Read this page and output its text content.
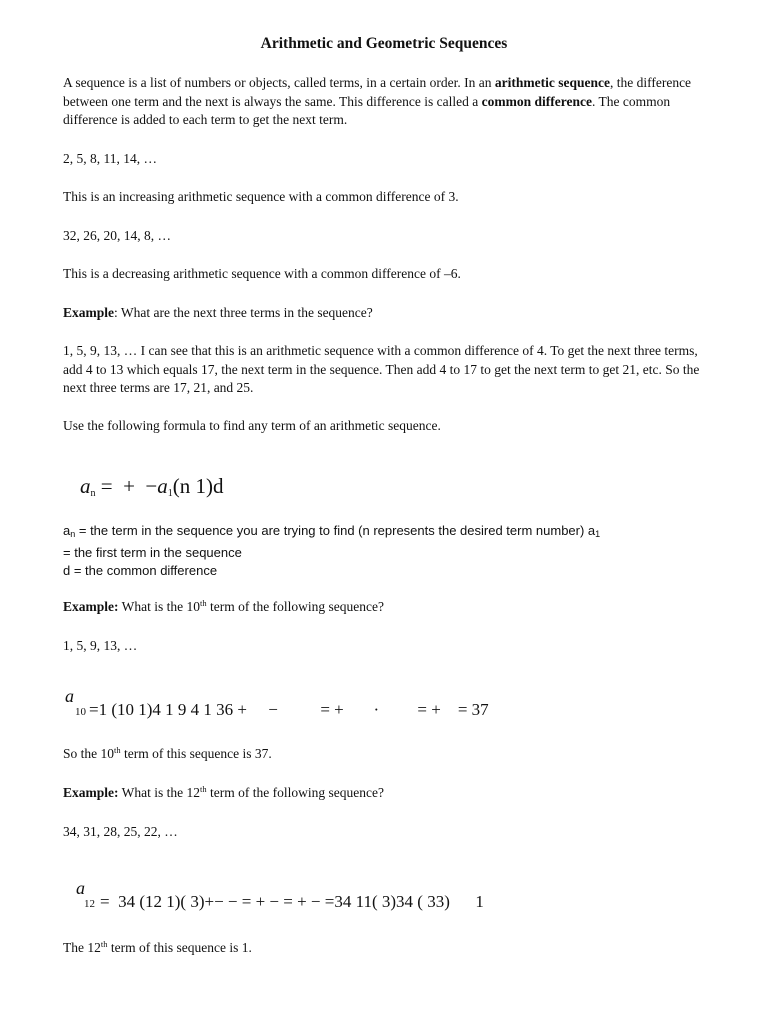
Arithmetic and Geometric Sequences

A sequence is a list of numbers or objects, called terms, in a certain order. In an arithmetic sequence, the difference between one term and the next is always the same. This difference is called a common difference. The common difference is added to each term to get the next term.

2, 5, 8, 11, 14, …

This is an increasing arithmetic sequence with a common difference of 3.

32, 26, 20, 14, 8, …

This is a decreasing arithmetic sequence with a common difference of –6.

Example: What are the next three terms in the sequence?

1, 5, 9, 13, … I can see that this is an arithmetic sequence with a common difference of 4. To get the next three terms, add 4 to 13 which equals 17, the next term in the sequence. Then add 4 to 17 to get the next term to get 21, etc. So the next three terms are 17, 21, and 25.

Use the following formula to find any term of an arithmetic sequence.

$a_n$ =  +  $-a_1(n$ 1)d
an = the term in the sequence you are trying to find (n represents the desired term number) a1
= the first term in the sequence
d = the common difference

Example: What is the 10th term of the following sequence?

1, 5, 9, 13, …

a

10

=1 (10 1)4 1 9 4 1 36 +     −          = +       ·         = +    = 37

So the 10th term of this sequence is 37.

Example: What is the 12th term of the following sequence?

34, 31, 28, 25, 22, …

a

12

=  34 (12 1)( 3)+− − = + − = + − =34 11( 3)34 ( 33)      1

The 12th term of this sequence is 1.
